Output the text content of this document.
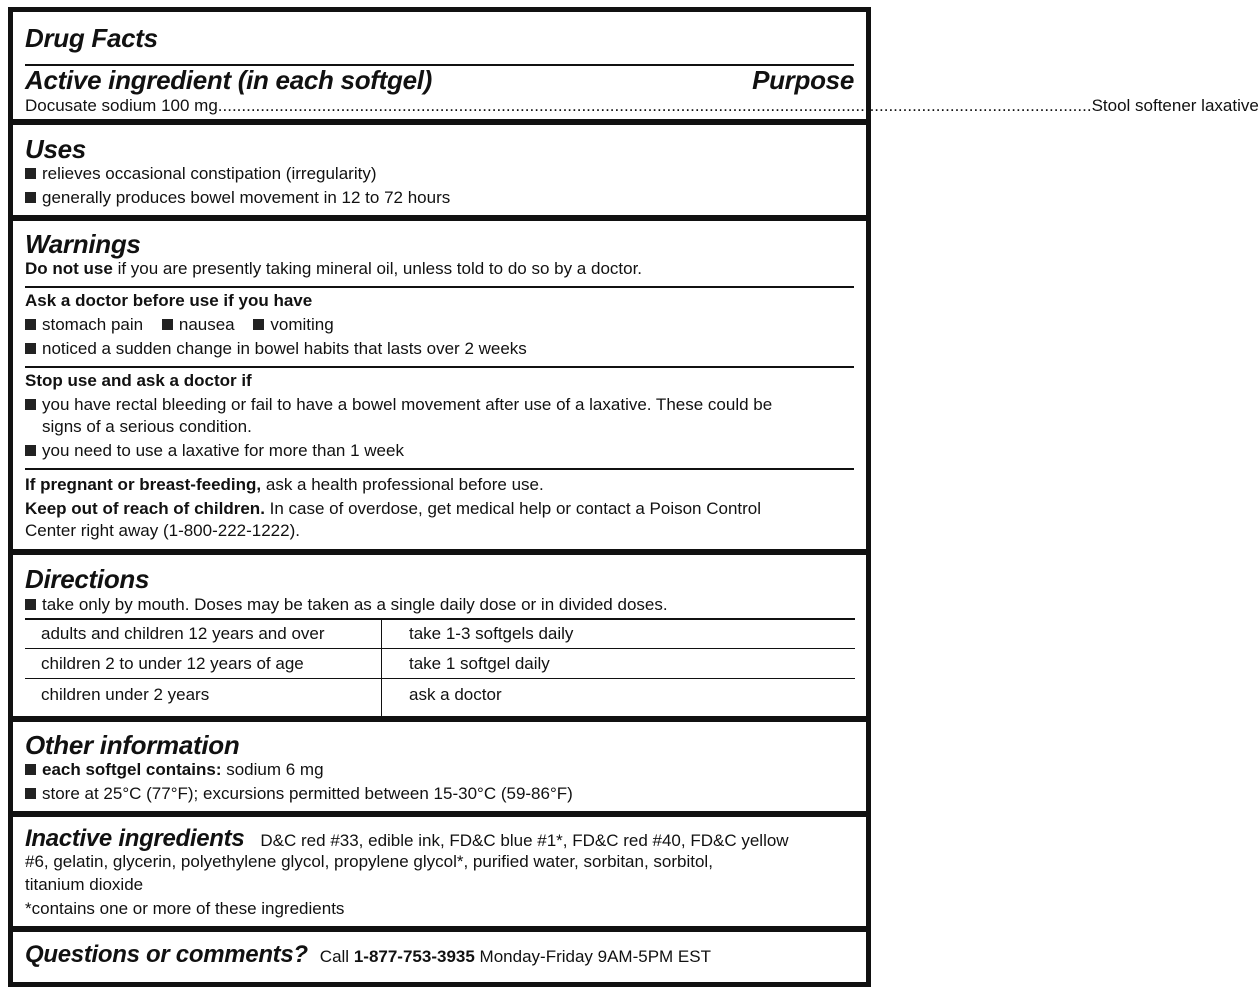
Drug Facts
Active ingredient (in each softgel)	Purpose
Docusate sodium 100 mg. ........................................................................................................................................................................................ Stool softener laxative
Uses
relieves occasional constipation (irregularity)
generally produces bowel movement in 12 to 72 hours
Warnings
Do not use if you are presently taking mineral oil, unless told to do so by a doctor.
Ask a doctor before use if you have
stomach pain nausea vomiting
noticed a sudden change in bowel habits that lasts over 2 weeks
Stop use and ask a doctor if
you have rectal bleeding or fail to have a bowel movement after use of a laxative. These could be
signs of a serious condition.
you need to use a laxative for more than 1 week
If pregnant or breast-feeding, ask a health professional before use.
Keep out of reach of children. In case of overdose, get medical help or contact a Poison Control
Center right away (1-800-222-1222).
Directions
take only by mouth. Doses may be taken as a single daily dose or in divided doses.
adults and children 12 years and over	take 1-3 softgels daily
children 2 to under 12 years of age	take 1 softgel daily
children under 2 years	ask a doctor
Other information
each softgel contains: sodium 6 mg
store at 25°C (77°F); excursions permitted between 15-30°C (59-86°F)
Inactive ingredients D&C red #33, edible ink, FD&C blue #1*, FD&C red #40, FD&C yellow
#6, gelatin, glycerin, polyethylene glycol, propylene glycol*, purified water, sorbitan, sorbitol,
titanium dioxide
*contains one or more of these ingredients
Questions or comments? Call 1-877-753-3935 Monday-Friday 9AM-5PM EST
